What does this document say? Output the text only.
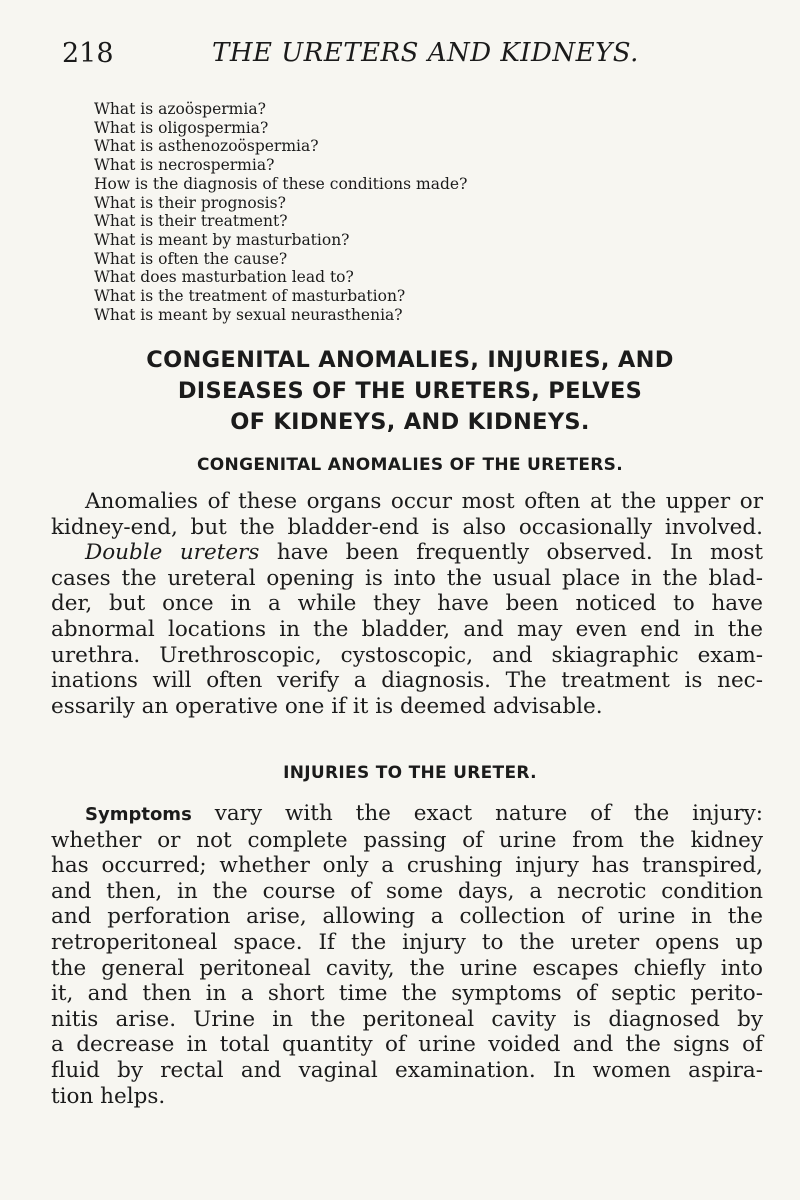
218	THE URETERS AND KIDNEYS.
What is azoöspermia?
What is oligospermia?
What is asthenozoöspermia?
What is necrospermia?
How is the diagnosis of these conditions made?
What is their prognosis?
What is their treatment?
What is meant by masturbation?
What is often the cause?
What does masturbation lead to?
What is the treatment of masturbation?
What is meant by sexual neurasthenia?
CONGENITAL ANOMALIES, INJURIES, AND
DISEASES OF THE URETERS, PELVES
OF KIDNEYS, AND KIDNEYS.
CONGENITAL ANOMALIES OF THE URETERS.
Anomalies of these organs occur most often at the upper or
kidney-end, but the bladder-end is also occasionally involved.
Double ureters have been frequently observed. In most
cases the ureteral opening is into the usual place in the blad-
der, but once in a while they have been noticed to have
abnormal locations in the bladder, and may even end in the
urethra. Urethroscopic, cystoscopic, and skiagraphic exam-
inations will often verify a diagnosis. The treatment is nec-
essarily an operative one if it is deemed advisable.
INJURIES TO THE URETER.
Symptoms vary with the exact nature of the injury:
whether or not complete passing of urine from the kidney
has occurred; whether only a crushing injury has transpired,
and then, in the course of some days, a necrotic condition
and perforation arise, allowing a collection of urine in the
retroperitoneal space. If the injury to the ureter opens up
the general peritoneal cavity, the urine escapes chiefly into
it, and then in a short time the symptoms of septic perito-
nitis arise. Urine in the peritoneal cavity is diagnosed by
a decrease in total quantity of urine voided and the signs of
fluid by rectal and vaginal examination. In women aspira-
tion helps.
